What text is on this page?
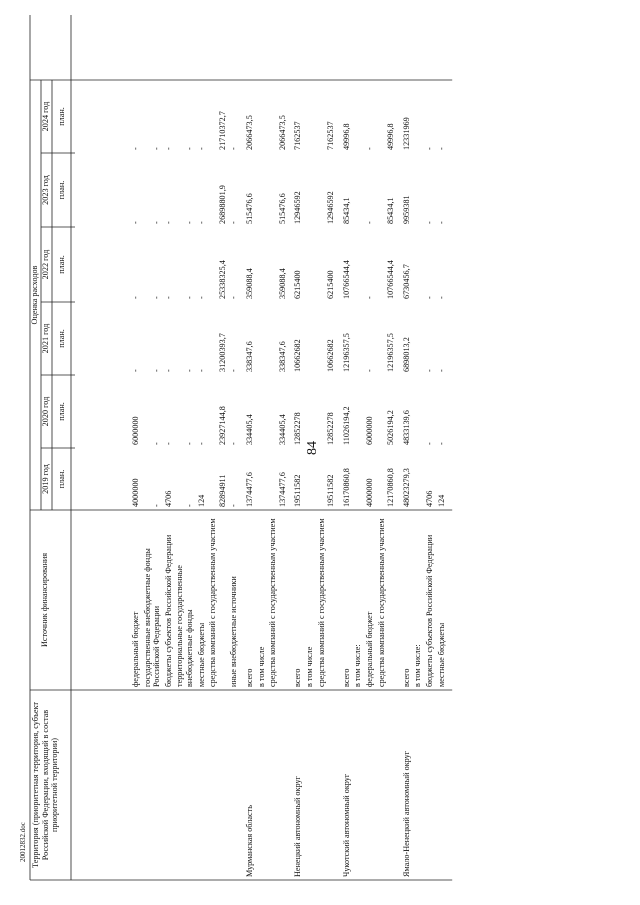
84
20012832.doc Территория (приоритетная территория, субъект Российской Федерации, входящий в состав приоритетной территории)
Источник финансирования
Оценка расходов
2019 год план.
2020 год план.
2021 год план.
2022 год план.
2023 год план.
2024 год план.
федеральный бюджет
4000000
6000000
-
-
-
-
государственные внебюджетные фонды Российской Федерации
-
-
-
-
-
-
бюджеты субъектов Российской Федерации
4706
-
-
-
-
-
территориальные государственные внебюджетные фонды
-
-
-
-
-
-
местные бюджеты
124
-
-
-
-
-
средства компаний с государственным участием
82894911
23927144,8
31200393,7
25338325,4
26898801,9
21710372,7
иные внебюджетные источники
-
-
-
-
-
-
всего
1374477,6
334405,4
338347,6
359088,4
515476,6
2066473,5
в том числе средства компаний с государственным участием
1374477,6
334405,4
338347,6
359088,4
515476,6
2066473,5
Мурманская область
всего
19511582
12852278
10662682
6215400
12946592
7162537
в том числе средства компаний с государственным участием
19511582
12852278
10662682
6215400
12946592
7162537
Ненецкий автономный округ
всего
16170860,8
11026194,2
12196357,5
10766544,4
85434,1
49996,8
в том числе: федеральный бюджет
4000000
6000000
-
-
-
-
средства компаний с государственным участием
12170860,8
5026194,2
12196357,5
10766544,4
85434,1
49996,8
Чукотский автономный округ
всего
48023279,3
4833139,6
6898013,2
6730456,7
9959381
12331969
в том числе: бюджеты субъектов Российской Федерации
4706
-
-
-
-
-
местные бюджеты
124
-
-
-
-
-
Ямало-Ненецкий автономный округ
